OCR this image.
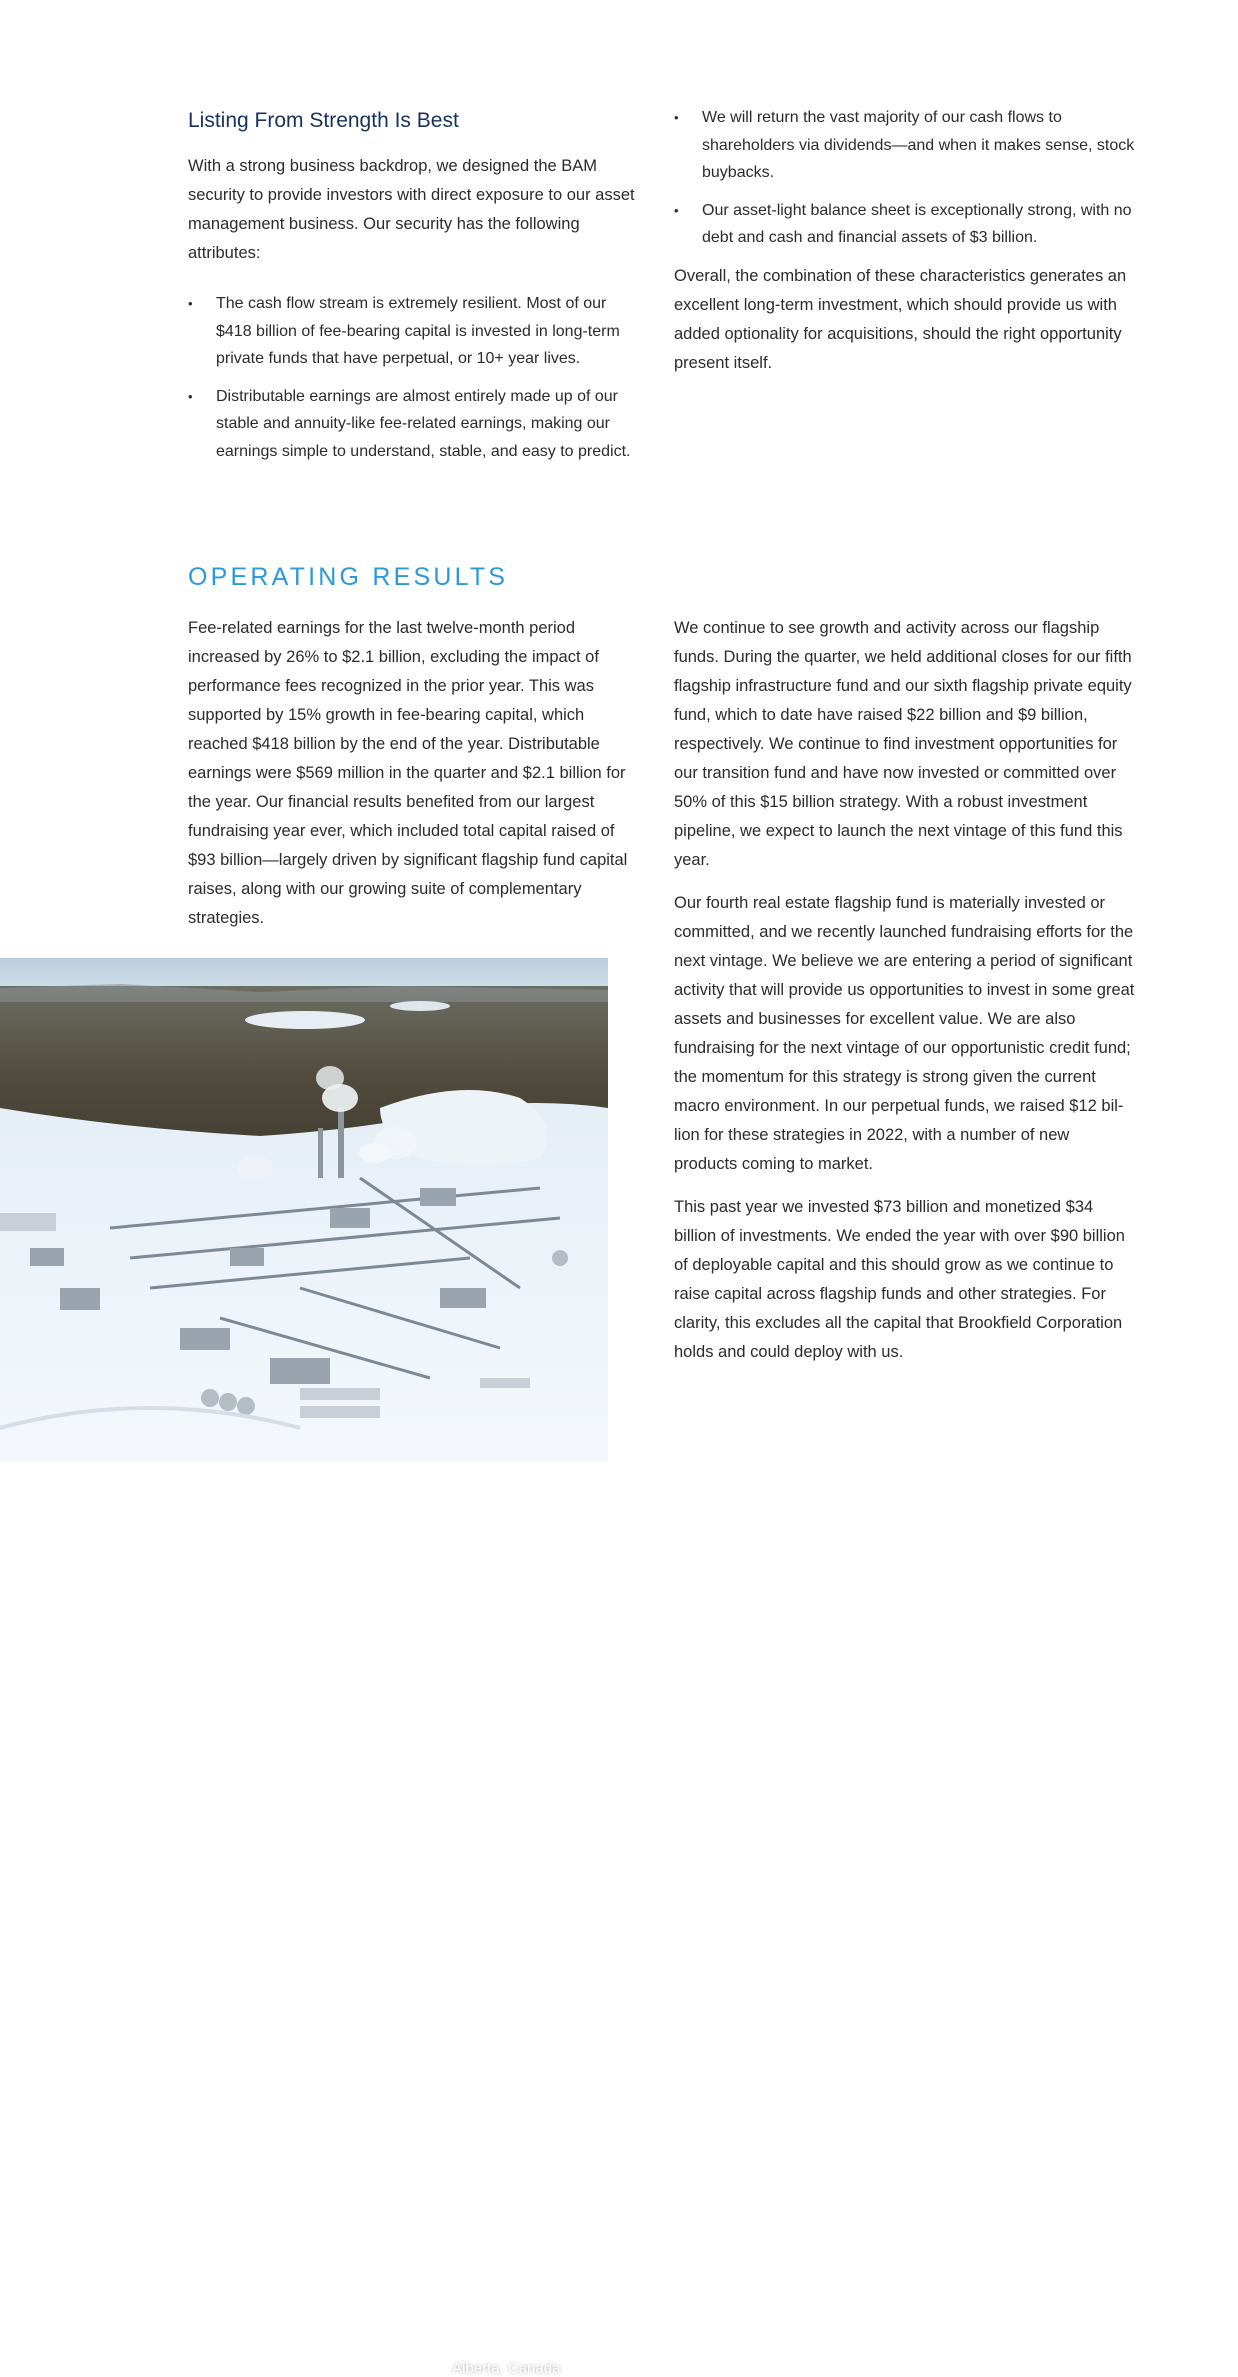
Listing From Strength Is Best

With a strong business backdrop, we designed the BAM security to provide investors with direct exposure to our asset management business. Our security has the following attributes:

• The cash flow stream is extremely resilient. Most of our $418 billion of fee-bearing capital is invested in long-term private funds that have perpetual, or 10+ year lives.
• Distributable earnings are almost entirely made up of our stable and annuity-like fee-related earnings, making our earnings simple to understand, stable, and easy to predict.
• We will return the vast majority of our cash flows to shareholders via dividends—and when it makes sense, stock buybacks.
• Our asset-light balance sheet is exceptionally strong, with no debt and cash and financial assets of $3 billion.

Overall, the combination of these characteristics generates an excellent long-term investment, which should provide us with added optionality for acquisitions, should the right opportunity present itself.

OPERATING RESULTS

Fee-related earnings for the last twelve-month period increased by 26% to $2.1 billion, excluding the impact of performance fees recognized in the prior year. This was supported by 15% growth in fee-bearing capital, which reached $418 billion by the end of the year. Distributable earnings were $569 million in the quarter and $2.1 billion for the year. Our financial results benefited from our largest fundraising year ever, which included total capital raised of $93 billion—largely driven by significant flagship fund capital raises, along with our growing suite of complementary strategies.

We continue to see growth and activity across our flagship funds. During the quarter, we held additional closes for our fifth flagship infrastructure fund and our sixth flagship private equity fund, which to date have raised $22 billion and $9 billion, respectively. We continue to find investment opportunities for our transition fund and have now invested or committed over 50% of this $15 billion strategy. With a robust investment pipeline, we expect to launch the next vintage of this fund this year.

Our fourth real estate flagship fund is materially invested or committed, and we recently launched fundraising efforts for the next vintage. We believe we are entering a period of significant activity that will provide us opportunities to invest in some great assets and businesses for excellent value. We are also fundraising for the next vintage of our opportunistic credit fund; the momentum for this strategy is strong given the current macro environment. In our perpetual funds, we raised $12 billion for these strategies in 2022, with a number of new products coming to market.

This past year we invested $73 billion and monetized $34 billion of investments. We ended the year with over $90 billion of deployable capital and this should grow as we continue to raise capital across flagship funds and other strategies. For clarity, this excludes all the capital that Brookfield Corporation holds and could deploy with us.

Alberta, Canada
